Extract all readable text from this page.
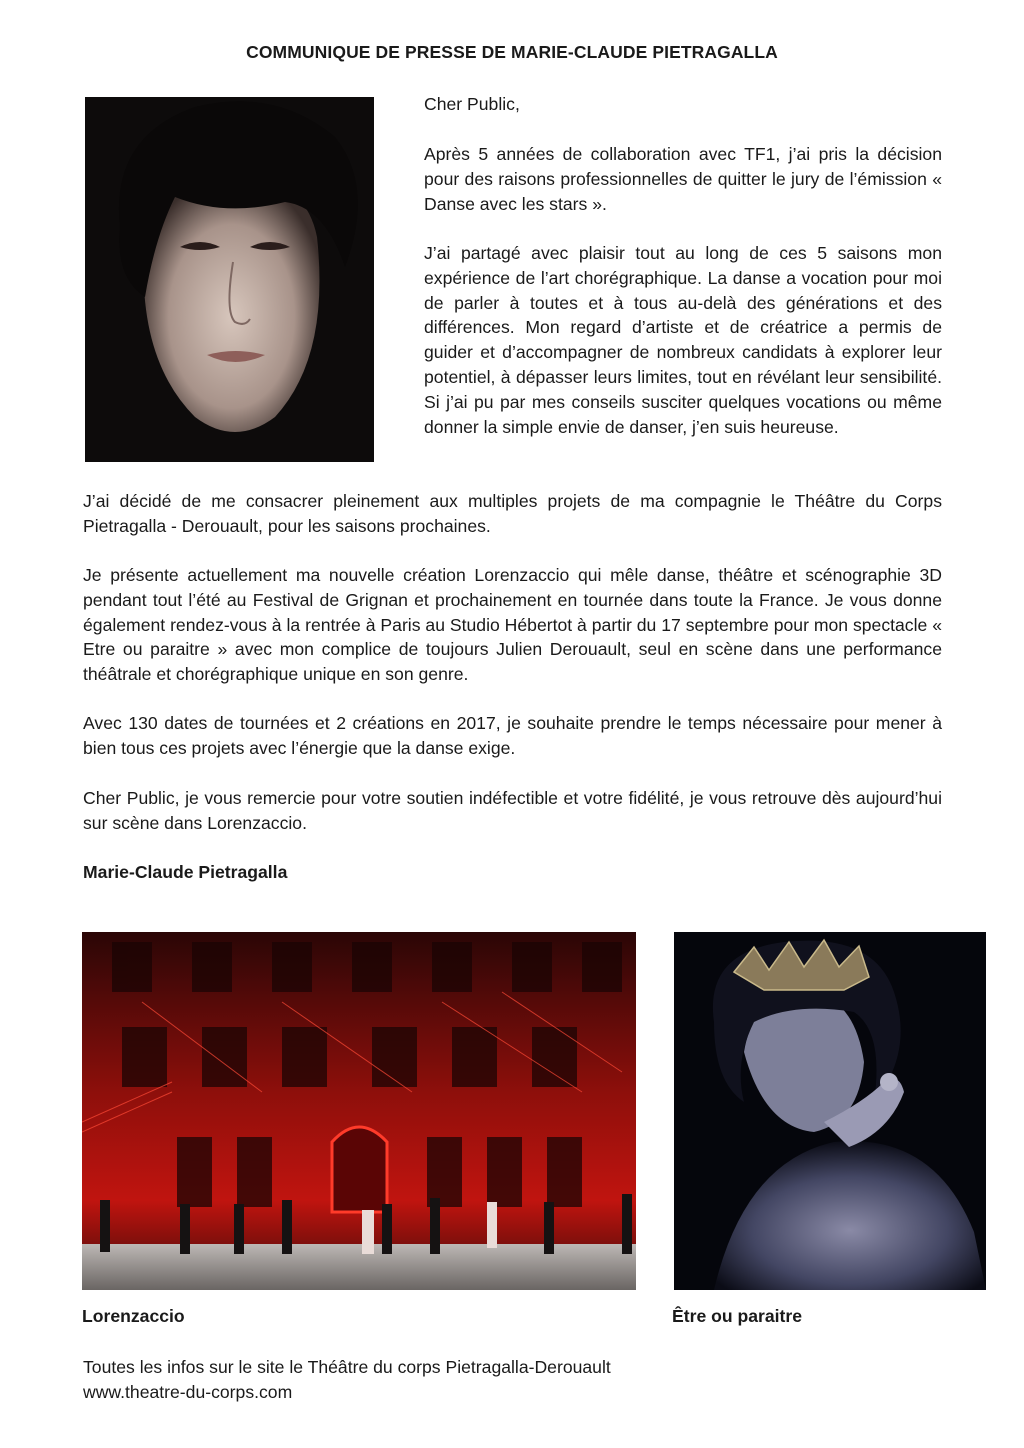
COMMUNIQUE DE PRESSE DE MARIE-CLAUDE PIETRAGALLA

Cher Public,

Après 5 années de collaboration avec TF1, j’ai pris la décision pour des raisons professionnelles de quitter le jury de l’émission « Danse avec les stars ».

J’ai partagé avec plaisir tout au long de ces 5 saisons mon expérience de l’art chorégraphique. La danse a vocation pour moi de parler à toutes et à tous au-delà des générations et des différences. Mon regard d’artiste et de créatrice a permis de guider et d’accompagner de nombreux candidats à explorer leur potentiel, à dépasser leurs limites, tout en révélant leur sensibilité. Si j’ai pu par mes conseils susciter quelques vocations ou même donner la simple envie de danser, j’en suis heureuse.

J’ai décidé de me consacrer pleinement aux multiples projets de ma compagnie le Théâtre du Corps Pietragalla - Derouault, pour les saisons prochaines.

Je présente actuellement ma nouvelle création Lorenzaccio qui mêle danse, théâtre et scénographie 3D pendant tout l’été au Festival de Grignan et prochainement en tournée dans toute la France. Je vous donne également rendez-vous à la rentrée à Paris au Studio Hébertot à partir du 17 septembre pour mon spectacle « Etre ou paraitre » avec mon complice de toujours Julien Derouault, seul en scène dans une performance théâtrale et chorégraphique unique en son genre.

Avec 130 dates de tournées et 2 créations en 2017, je souhaite prendre le temps nécessaire pour mener à bien tous ces projets avec l’énergie que la danse exige.

Cher Public, je vous remercie pour votre soutien indéfectible et votre fidélité, je vous retrouve dès aujourd’hui sur scène dans Lorenzaccio.

Marie-Claude Pietragalla

Lorenzaccio	Être ou paraitre

Toutes les infos sur le site le Théâtre du corps Pietragalla-Derouault

www.theatre-du-corps.com
